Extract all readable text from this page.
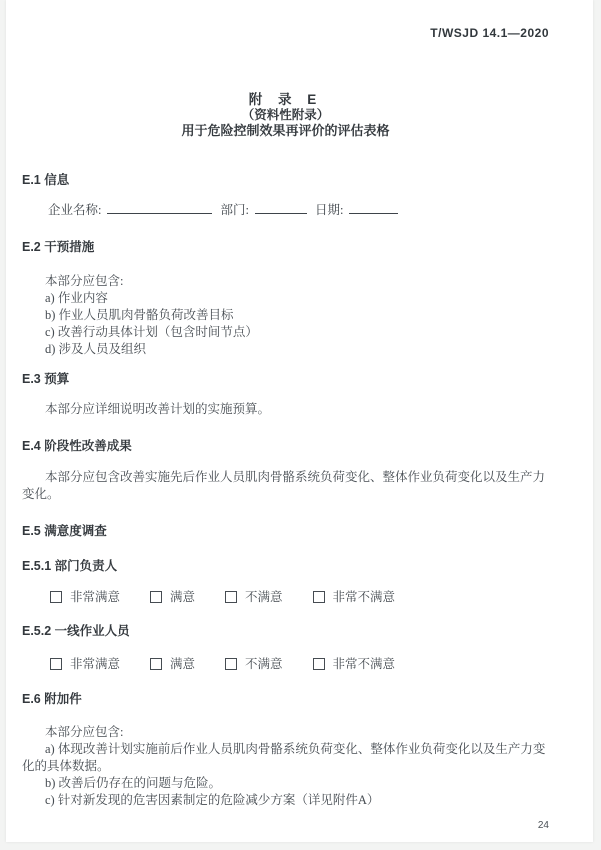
T/WSJD 14.1—2020
附 录 E
（资料性附录）
用于危险控制效果再评价的评估表格

E.1 信息

企业名称:	部门:	日期:

E.2 干预措施

本部分应包含:

a) 作业内容

b) 作业人员肌肉骨骼负荷改善目标

c) 改善行动具体计划（包含时间节点）

d) 涉及人员及组织

E.3 预算

本部分应详细说明改善计划的实施预算。

E.4 阶段性改善成果

本部分应包含改善实施先后作业人员肌肉骨骼系统负荷变化、整体作业负荷变化以及生产力变化。

E.5 满意度调查

E.5.1 部门负责人

非常满意	满意	不满意	非常不满意

E.5.2 一线作业人员

非常满意	满意	不满意	非常不满意

E.6 附加件

本部分应包含:

a) 体现改善计划实施前后作业人员肌肉骨骼系统负荷变化、整体作业负荷变化以及生产力变化的具体数据。

b) 改善后仍存在的问题与危险。

c) 针对新发现的危害因素制定的危险减少方案（详见附件A）

24
